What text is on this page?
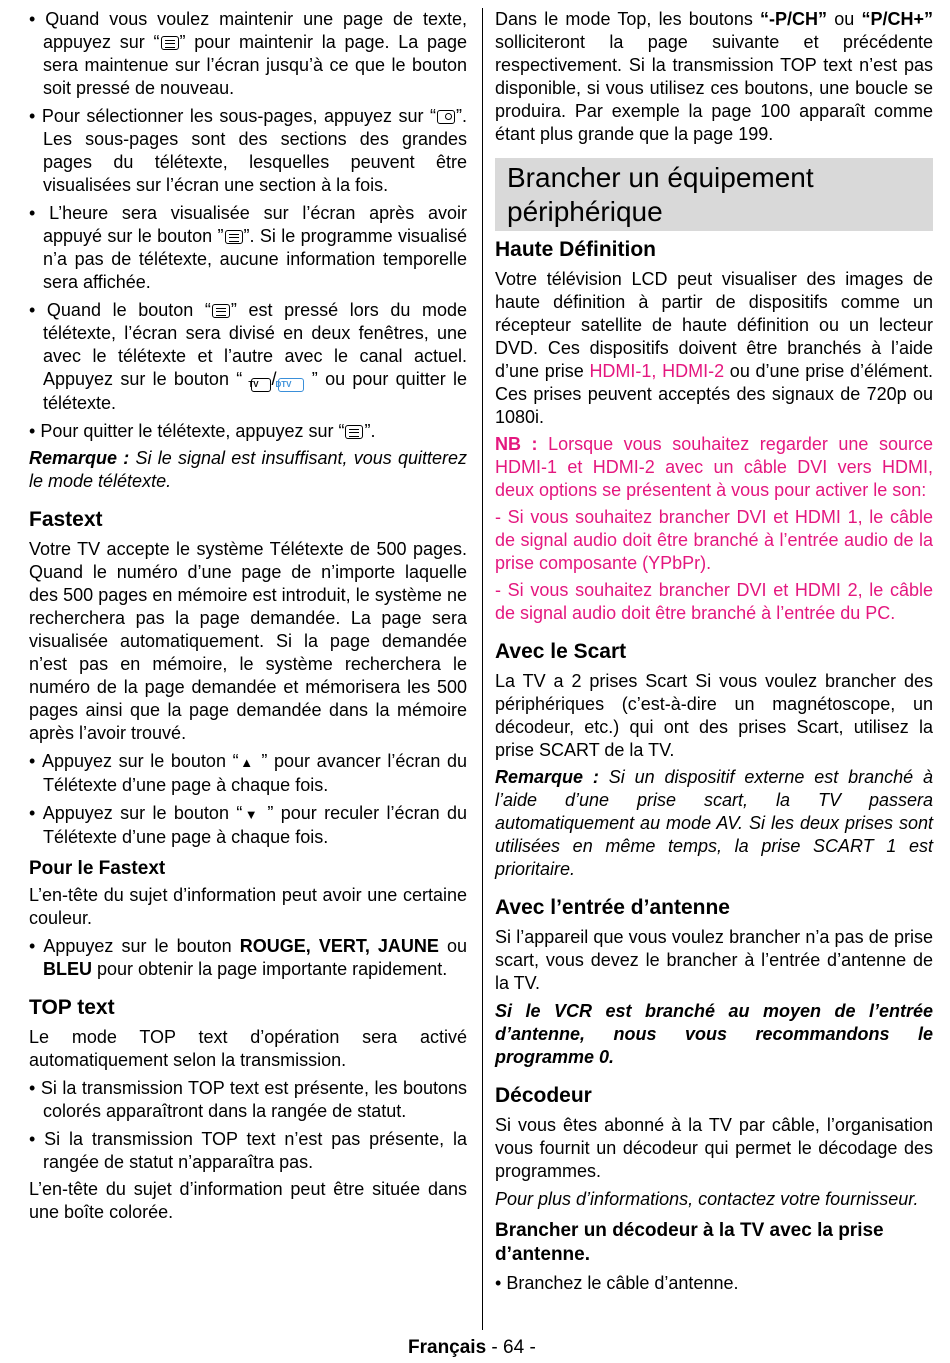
• Quand vous voulez maintenir une page de texte, appuyez sur “ ” pour maintenir la page. La page sera maintenue sur l’écran jusqu’à ce que le bouton soit pressé de nouveau.

• Pour sélectionner les sous-pages, appuyez sur “ ”. Les sous-pages sont des sections des grandes pages du télétexte, lesquelles peuvent être visualisées sur l’écran une section à la fois.

• L’heure sera visualisée sur l’écran après avoir appuyé sur le bouton ” ”. Si le programme visualisé n’a pas de télétexte, aucune information temporelle sera affichée.

• Quand le bouton “ ” est pressé lors du mode télétexte, l’écran sera divisé en deux fenêtres, une avec le télétexte et l’autre avec le canal actuel. Appuyez sur le bouton “ TV /DTV ” ou pour quitter le télétexte.

• Pour quitter le télétexte, appuyez sur “ ”.

Remarque : Si le signal est insuffisant, vous quitterez le mode télétexte.

Fastext

Votre TV accepte le système Télétexte de 500 pages. Quand le numéro d’une page de n’importe laquelle des 500 pages en mémoire est introduit, le système ne recherchera pas la page demandée. La page sera visualisée automatiquement. Si la page demandée n’est pas en mémoire, le système recherchera le numéro de la page demandée et mémorisera les 500 pages ainsi que la page demandée dans la mémoire après l’avoir trouvé.

• Appuyez sur le bouton “▲ ” pour avancer l’écran du Télétexte d’une page à chaque fois.

• Appuyez sur le bouton “▼ ” pour reculer l’écran du Télétexte d’une page à chaque fois.

Pour le Fastext

L’en-tête du sujet d’information peut avoir une certaine couleur.

• Appuyez sur le bouton ROUGE, VERT, JAUNE ou BLEU pour obtenir la page importante rapidement.

TOP text

Le mode TOP text d’opération sera activé automatiquement selon la transmission.

• Si la transmission TOP text est présente, les boutons colorés apparaîtront dans la rangée de statut.

• Si la transmission TOP text n’est pas présente, la rangée de statut n’apparaîtra pas.

L’en-tête du sujet d’information peut être située dans une boîte colorée.

Dans le mode Top, les boutons “-P/CH” ou “P/CH+” solliciteront la page suivante et précédente respectivement. Si la transmission TOP text n’est pas disponible, si vous utilisez ces boutons, une boucle se produira. Par exemple la page 100 apparaît comme étant plus grande que la page 199.

Brancher un équipement périphérique
Haute Définition

Votre télévision LCD peut visualiser des images de haute définition à partir de dispositifs comme un récepteur satellite de haute définition ou un lecteur DVD. Ces dispositifs doivent être branchés à l’aide d’une prise HDMI-1, HDMI-2 ou d’une prise d’élément. Ces prises peuvent acceptés des signaux de 720p ou 1080i.

NB : Lorsque vous souhaitez regarder une source HDMI-1 et HDMI-2 avec un câble DVI vers HDMI, deux options se présentent à vous pour activer le son:

- Si vous souhaitez brancher DVI et HDMI 1, le câble de signal audio doit être branché à l’entrée audio de la prise composante (YPbPr).

- Si vous souhaitez brancher DVI et HDMI 2, le câble de signal audio doit être branché à l’entrée du PC.

Avec le Scart

La TV a 2 prises Scart Si vous voulez brancher des périphériques (c’est-à-dire un magnétoscope, un décodeur, etc.) qui ont des prises Scart, utilisez la prise SCART de la TV.

Remarque : Si un dispositif externe est branché à l’aide d’une prise scart, la TV passera automatiquement au mode AV. Si les deux prises sont utilisées en même temps, la prise SCART 1 est prioritaire.

Avec l’entrée d’antenne

Si l’appareil que vous voulez brancher n’a pas de prise scart, vous devez le brancher à l’entrée d’antenne de la TV.

Si le VCR est branché au moyen de l’entrée d’antenne, nous vous recommandons le programme 0.

Décodeur

Si vous êtes abonné à la TV par câble, l’organisation vous fournit un décodeur qui permet le décodage des programmes.

Pour plus d’informations, contactez votre fournisseur.

Brancher un décodeur à la TV avec la prise d’antenne.

• Branchez le câble d’antenne.

Français - 64 -
